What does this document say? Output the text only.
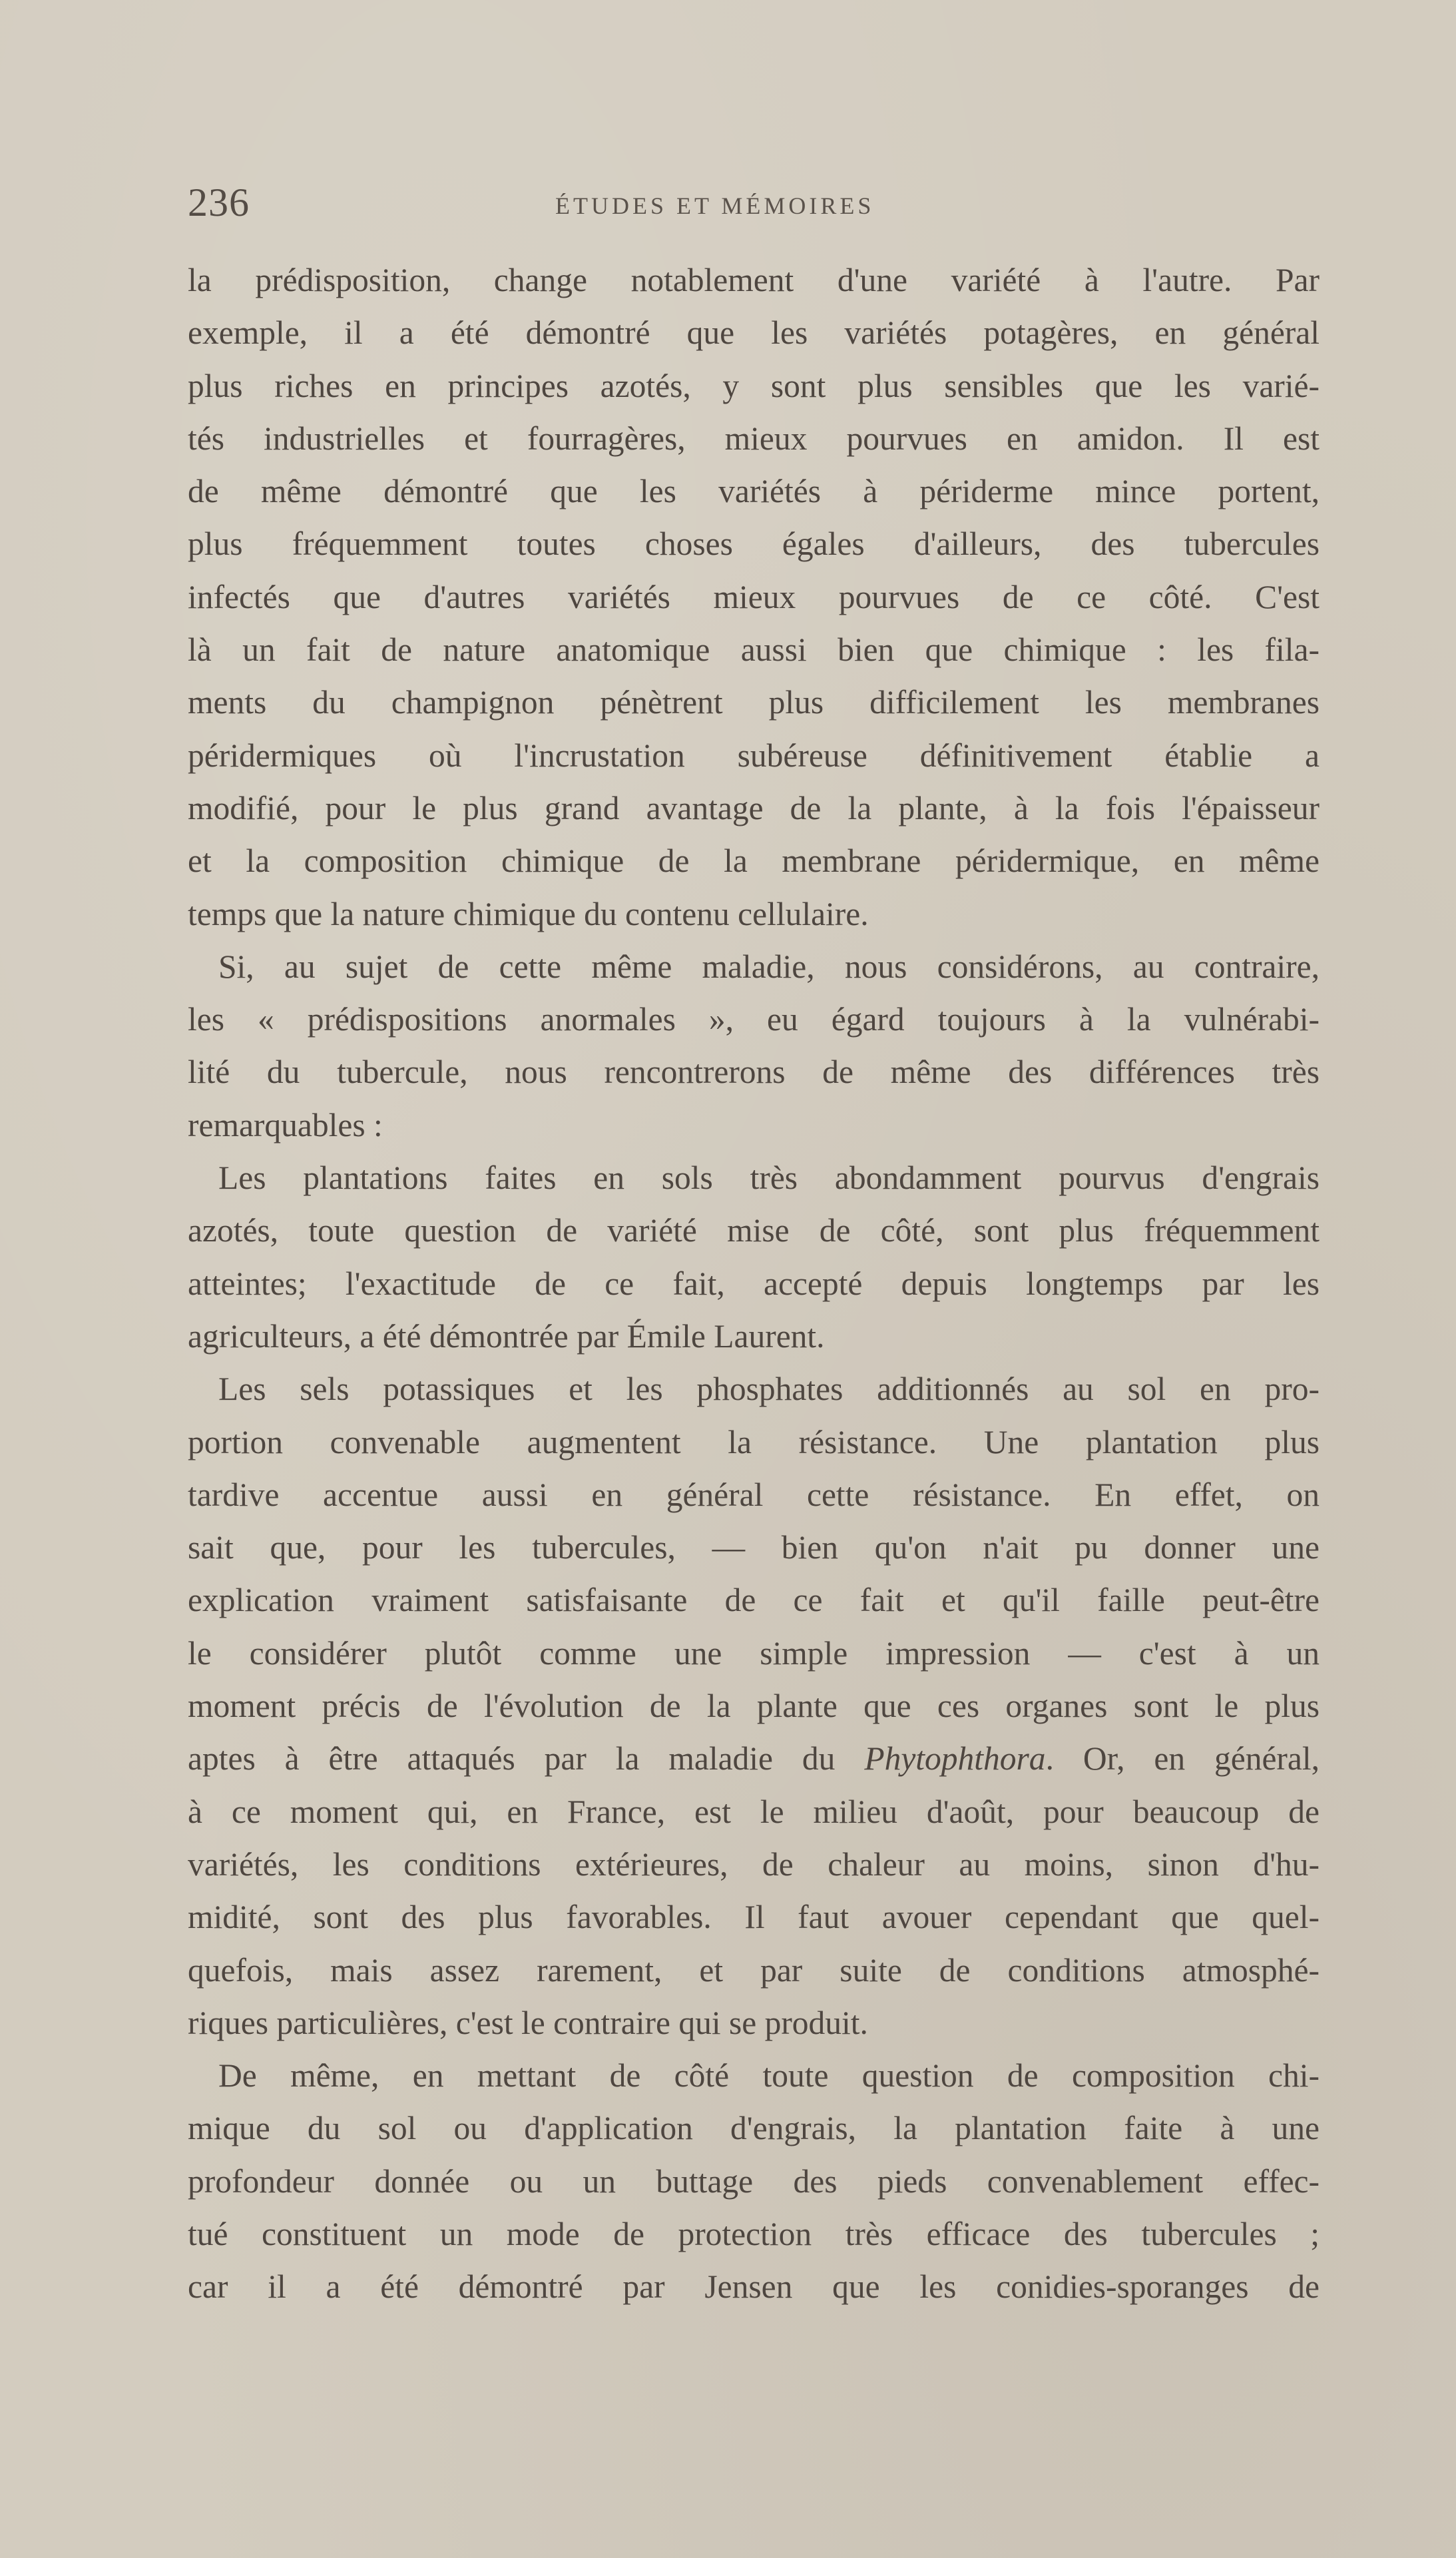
236	ÉTUDES ET MÉMOIRES

la prédisposition, change notablement d'une variété à l'autre. Par

exemple, il a été démontré que les variétés potagères, en général

plus riches en principes azotés, y sont plus sensibles que les varié-

tés industrielles et fourragères, mieux pourvues en amidon. Il est

de même démontré que les variétés à périderme mince portent,

plus fréquemment toutes choses égales d'ailleurs, des tubercules

infectés que d'autres variétés mieux pourvues de ce côté. C'est

là un fait de nature anatomique aussi bien que chimique : les fila-

ments du champignon pénètrent plus difficilement les membranes

péridermiques où l'incrustation subéreuse définitivement établie a

modifié, pour le plus grand avantage de la plante, à la fois l'épaisseur

et la composition chimique de la membrane péridermique, en même

temps que la nature chimique du contenu cellulaire.

Si, au sujet de cette même maladie, nous considérons, au contraire,

les « prédispositions anormales », eu égard toujours à la vulnérabi-

lité du tubercule, nous rencontrerons de même des différences très

remarquables :

Les plantations faites en sols très abondamment pourvus d'engrais

azotés, toute question de variété mise de côté, sont plus fréquemment

atteintes; l'exactitude de ce fait, accepté depuis longtemps par les

agriculteurs, a été démontrée par Émile Laurent.

Les sels potassiques et les phosphates additionnés au sol en pro-

portion convenable augmentent la résistance. Une plantation plus

tardive accentue aussi en général cette résistance. En effet, on

sait que, pour les tubercules, — bien qu'on n'ait pu donner une

explication vraiment satisfaisante de ce fait et qu'il faille peut-être

le considérer plutôt comme une simple impression — c'est à un

moment précis de l'évolution de la plante que ces organes sont le plus

aptes à être attaqués par la maladie du Phytophthora. Or, en général,

à ce moment qui, en France, est le milieu d'août, pour beaucoup de

variétés, les conditions extérieures, de chaleur au moins, sinon d'hu-

midité, sont des plus favorables. Il faut avouer cependant que quel-

quefois, mais assez rarement, et par suite de conditions atmosphé-

riques particulières, c'est le contraire qui se produit.

De même, en mettant de côté toute question de composition chi-

mique du sol ou d'application d'engrais, la plantation faite à une

profondeur donnée ou un buttage des pieds convenablement effec-

tué constituent un mode de protection très efficace des tubercules ;

car il a été démontré par Jensen que les conidies-sporanges de
